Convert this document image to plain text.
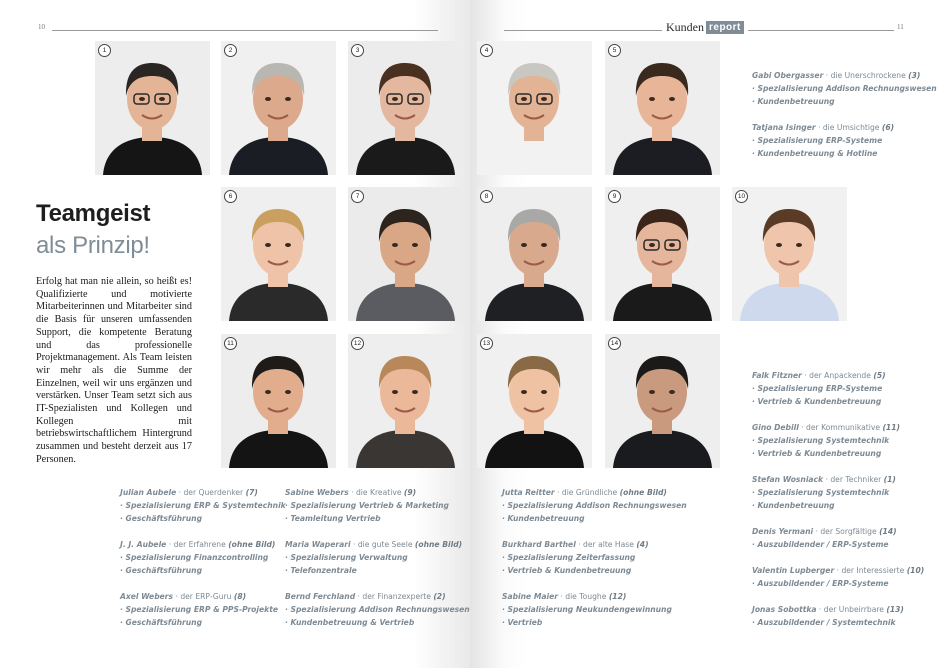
10	11
Kunden report
Teamgeist
als Prinzip!

Erfolg hat man nie allein, so heißt es! Qualifizierte und motivierte Mitarbeiterinnen und Mitarbeiter sind die Basis für unseren umfassenden Support, die kompetente Beratung und das professionelle Projektmanagement. Als Team leisten wir mehr als die Summe der Einzelnen, weil wir uns ergänzen und verstärken. Unser Team setzt sich aus IT-Spezialisten und Kollegen und Kollegen mit betriebswirtschaftlichem Hintergrund zusammen und besteht derzeit aus 17 Personen.

1	2	3	4	5
6	7	8	9	10
11	12	13	14
Julian Aubele · der Querdenker (7)
· Spezialisierung ERP & Systemtechnik
· Geschäftsführung
J. J. Aubele · der Erfahrene (ohne Bild)
· Spezialisierung Finanzcontrolling
· Geschäftsführung
Axel Webers · der ERP-Guru (8)
· Spezialisierung ERP & PPS-Projekte
· Geschäftsführung
Sabine Webers · die Kreative (9)
· Spezialisierung Vertrieb & Marketing
· Teamleitung Vertrieb
Maria Waperari · die gute Seele (ohne Bild)
· Spezialisierung Verwaltung
· Telefonzentrale
Bernd Ferchland · der Finanzexperte (2)
· Spezialisierung Addison Rechnungswesen
· Kundenbetreuung & Vertrieb
Jutta Reitter · die Gründliche (ohne Bild)
· Spezialisierung Addison Rechnungswesen
· Kundenbetreuung
Burkhard Barthel · der alte Hase (4)
· Spezialisierung Zeiterfassung
· Vertrieb & Kundenbetreuung
Sabine Maier · die Toughe (12)
· Spezialisierung Neukundengewinnung
· Vertrieb
Gabi Obergasser · die Unerschrockene (3)
· Spezialisierung Addison Rechnungswesen
· Kundenbetreuung
Tatjana Isinger · die Umsichtige (6)
· Spezialisierung ERP-Systeme
· Kundenbetreuung & Hotline
Falk Fitzner · der Anpackende (5)
· Spezialisierung ERP-Systeme
· Vertrieb & Kundenbetreuung
Gino Debill · der Kommunikative (11)
· Spezialisierung Systemtechnik
· Vertrieb & Kundenbetreuung
Stefan Wosniack · der Techniker (1)
· Spezialisierung Systemtechnik
· Kundenbetreuung
Denis Yermani · der Sorgfältige (14)
· Auszubildender / ERP-Systeme
Valentin Lupberger · der Interessierte (10)
· Auszubildender / ERP-Systeme
Jonas Sobottka · der Unbeirrbare (13)
· Auszubildender / Systemtechnik
